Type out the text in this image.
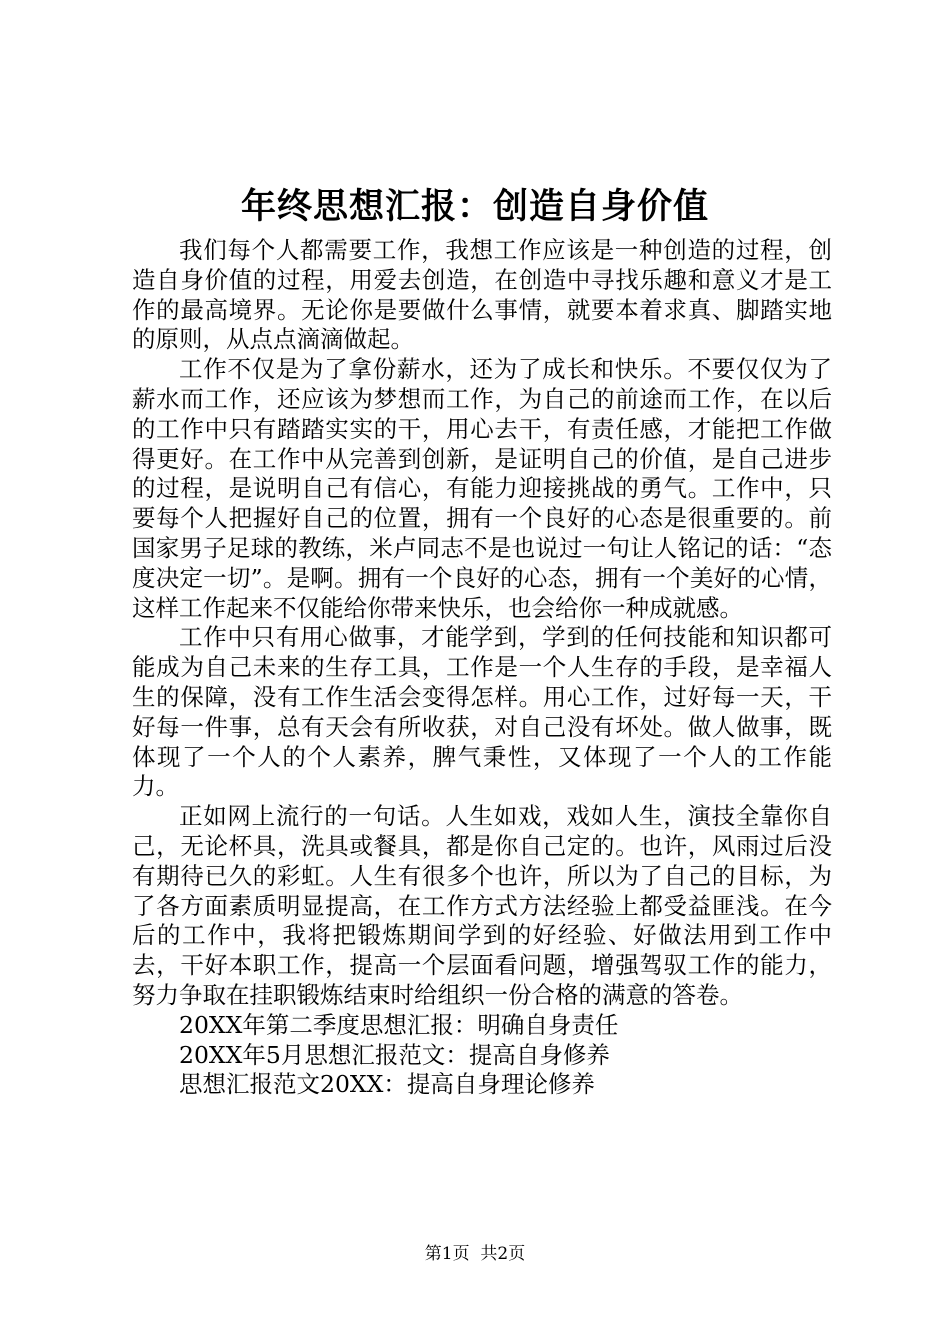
年终思想汇报：创造自身价值

我们每个人都需要工作，我想工作应该是一种创造的过程，创造自身价值的过程，用爱去创造，在创造中寻找乐趣和意义才是工作的最高境界。无论你是要做什么事情，就要本着求真、脚踏实地的原则，从点点滴滴做起。

工作不仅是为了拿份薪水，还为了成长和快乐。不要仅仅为了薪水而工作，还应该为梦想而工作，为自己的前途而工作，在以后的工作中只有踏踏实实的干，用心去干，有责任感，才能把工作做得更好。在工作中从完善到创新，是证明自己的价值，是自己进步的过程，是说明自己有信心，有能力迎接挑战的勇气。工作中，只要每个人把握好自己的位置，拥有一个良好的心态是很重要的。前国家男子足球的教练，米卢同志不是也说过一句让人铭记的话：“态度决定一切”。是啊。拥有一个良好的心态，拥有一个美好的心情，这样工作起来不仅能给你带来快乐，也会给你一种成就感。

工作中只有用心做事，才能学到，学到的任何技能和知识都可能成为自己未来的生存工具，工作是一个人生存的手段，是幸福人生的保障，没有工作生活会变得怎样。用心工作，过好每一天，干好每一件事，总有天会有所收获，对自己没有坏处。做人做事，既体现了一个人的个人素养，脾气秉性，又体现了一个人的工作能力。

正如网上流行的一句话。人生如戏，戏如人生，演技全靠你自己，无论杯具，洗具或餐具，都是你自己定的。也许，风雨过后没有期待已久的彩虹。人生有很多个也许，所以为了自己的目标，为了各方面素质明显提高，在工作方式方法经验上都受益匪浅。在今后的工作中，我将把锻炼期间学到的好经验、好做法用到工作中去，干好本职工作，提高一个层面看问题，增强驾驭工作的能力，努力争取在挂职锻炼结束时给组织一份合格的满意的答卷。

20XX年第二季度思想汇报：明确自身责任
20XX年5月思想汇报范文：提高自身修养
思想汇报范文20XX：提高自身理论修养
第1页  共2页
